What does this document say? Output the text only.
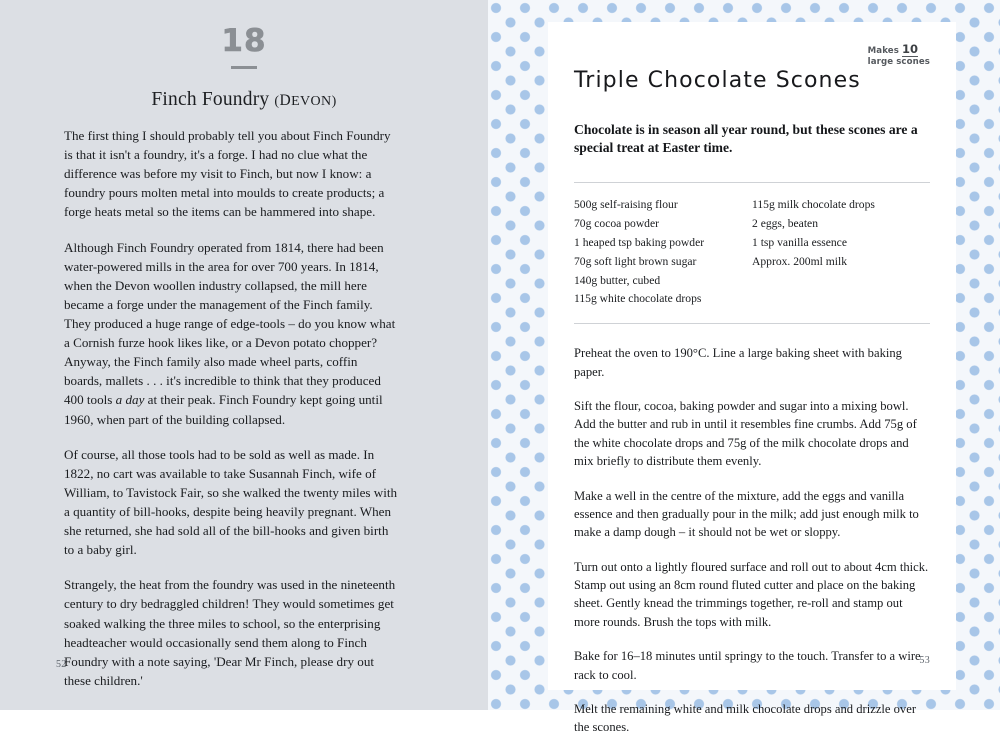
18
Finch Foundry (DEVON)

The first thing I should probably tell you about Finch Foundry is that it isn't a foundry, it's a forge. I had no clue what the difference was before my visit to Finch, but now I know: a foundry pours molten metal into moulds to create products; a forge heats metal so the items can be hammered into shape.

Although Finch Foundry operated from 1814, there had been water-powered mills in the area for over 700 years. In 1814, when the Devon woollen industry collapsed, the mill here became a forge under the management of the Finch family. They produced a huge range of edge-tools – do you know what a Cornish furze hook likes like, or a Devon potato chopper? Anyway, the Finch family also made wheel parts, coffin boards, mallets . . . it's incredible to think that they produced 400 tools a day at their peak. Finch Foundry kept going until 1960, when part of the building collapsed.

Of course, all those tools had to be sold as well as made. In 1822, no cart was available to take Susannah Finch, wife of William, to Tavistock Fair, so she walked the twenty miles with a quantity of bill-hooks, despite being heavily pregnant. When she returned, she had sold all of the bill-hooks and given birth to a baby girl.

Strangely, the heat from the foundry was used in the nineteenth century to dry bedraggled children! They would sometimes get soaked walking the three miles to school, so the enterprising headteacher would occasionally send them along to Finch Foundry with a note saying, 'Dear Mr Finch, please dry out these children.'

52
Makes 10
large scones
Triple Chocolate Scones

Chocolate is in season all year round, but these scones are a special treat at Easter time.

500g self-raising flour
70g cocoa powder
1 heaped tsp baking powder
70g soft light brown sugar
140g butter, cubed
115g white chocolate drops
115g milk chocolate drops
2 eggs, beaten
1 tsp vanilla essence
Approx. 200ml milk

Preheat the oven to 190°C. Line a large baking sheet with baking paper.

Sift the flour, cocoa, baking powder and sugar into a mixing bowl. Add the butter and rub in until it resembles fine crumbs. Add 75g of the white chocolate drops and 75g of the milk chocolate drops and mix briefly to distribute them evenly.

Make a well in the centre of the mixture, add the eggs and vanilla essence and then gradually pour in the milk; add just enough milk to make a damp dough – it should not be wet or sloppy.

Turn out onto a lightly floured surface and roll out to about 4cm thick. Stamp out using an 8cm round fluted cutter and place on the baking sheet. Gently knead the trimmings together, re-roll and stamp out more rounds. Brush the tops with milk.

Bake for 16–18 minutes until springy to the touch. Transfer to a wire rack to cool.

Melt the remaining white and milk chocolate drops and drizzle over the scones.

53
